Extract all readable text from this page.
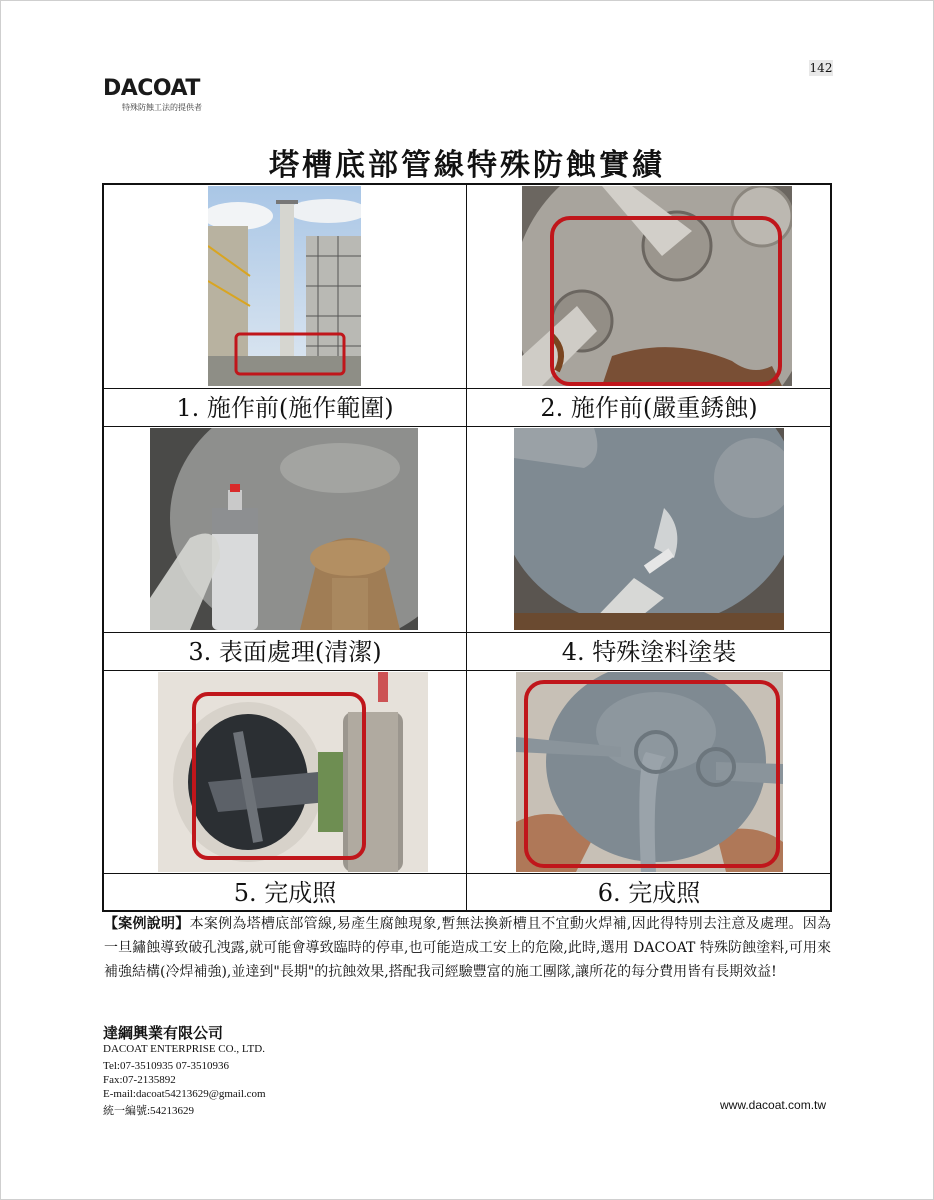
142
DACOAT
特殊防蝕工法的提供者
塔槽底部管線特殊防蝕實績
1. 施作前(施作範圍)	2. 施作前(嚴重銹蝕)
3. 表面處理(清潔)	4. 特殊塗料塗裝
5. 完成照	6. 完成照
【案例說明】本案例為塔槽底部管線,易產生腐蝕現象,暫無法換新槽且不宜動火焊補,因此得特別去注意及處理。因為一旦鏽蝕導致破孔洩露,就可能會導致臨時的停車,也可能造成工安上的危險,此時,選用 DACOAT 特殊防蝕塗料,可用來補強結構(冷焊補強),並達到"長期"的抗蝕效果,搭配我司經驗豐富的施工團隊,讓所花的每分費用皆有長期效益!
達綱興業有限公司
DACOAT ENTERPRISE CO., LTD.
Tel:07-3510935 07-3510936
Fax:07-2135892
E-mail:dacoat54213629@gmail.com
統一編號:54213629	www.dacoat.com.tw
